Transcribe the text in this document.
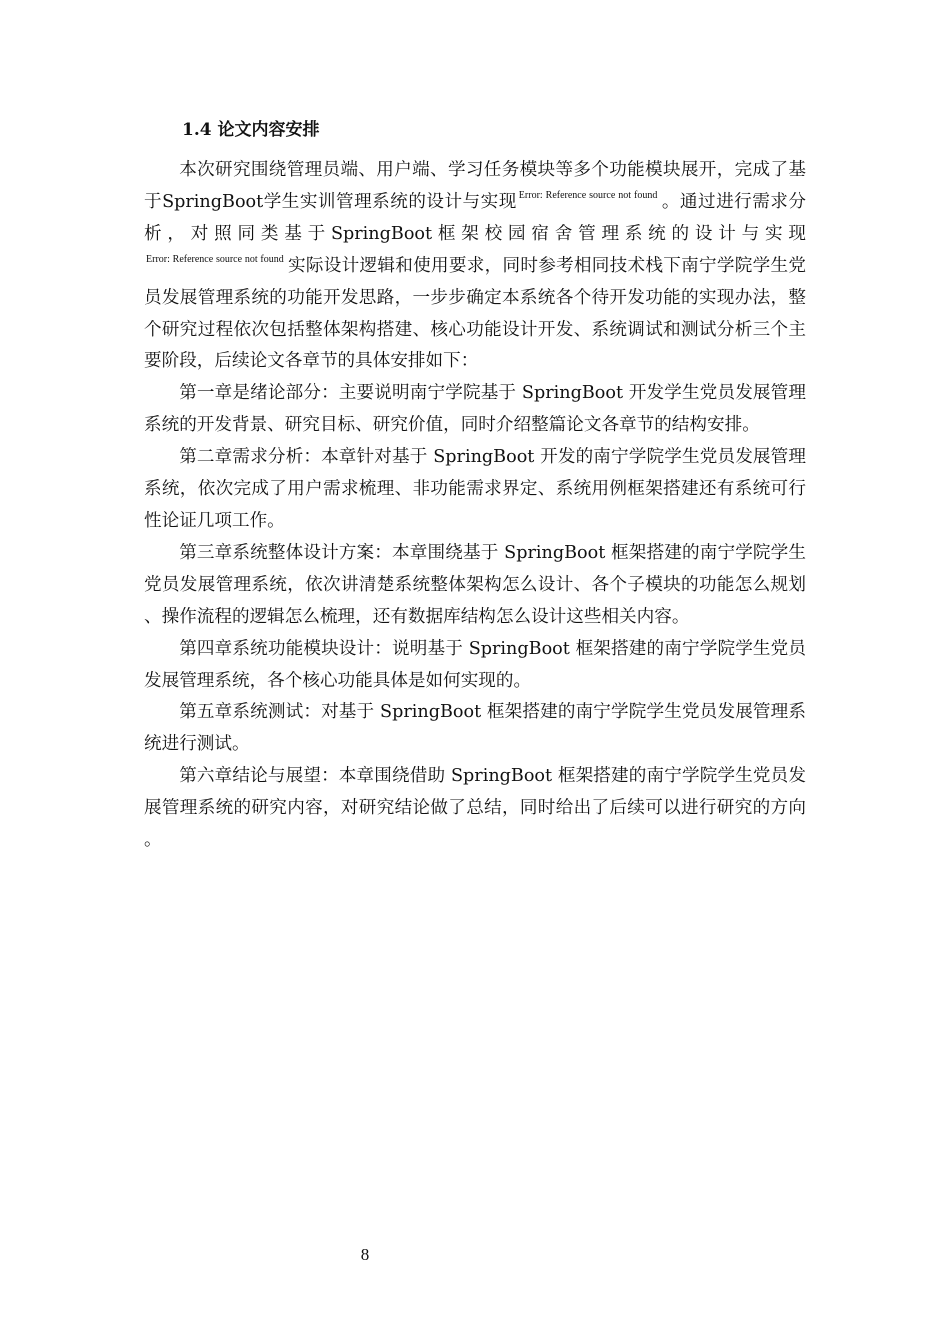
1.4 论文内容安排

本次研究围绕管理员端、用户端、学习任务模块等多个功能模块展开，完成了基于SpringBoot学生实训管理系统的设计与实现 $^{Error: Reference source not found}$ 。通过进行需求分析，对照同类基于SpringBoot框架校园宿舍管理系统的设计与实现$^{Error: Reference source not found}$ 实际设计逻辑和使用要求，同时参考相同技术栈下南宁学院学生党员发展管理系统的功能开发思路，一步步确定本系统各个待开发功能的实现办法，整个研究过程依次包括整体架构搭建、核心功能设计开发、系统调试和测试分析三个主要阶段，后续论文各章节的具体安排如下：

第一章是绪论部分：主要说明南宁学院基于 SpringBoot 开发学生党员发展管理系统的开发背景、研究目标、研究价值，同时介绍整篇论文各章节的结构安排。

第二章需求分析：本章针对基于 SpringBoot 开发的南宁学院学生党员发展管理系统，依次完成了用户需求梳理、非功能需求界定、系统用例框架搭建还有系统可行性论证几项工作。

第三章系统整体设计方案：本章围绕基于 SpringBoot 框架搭建的南宁学院学生党员发展管理系统，依次讲清楚系统整体架构怎么设计、各个子模块的功能怎么规划、操作流程的逻辑怎么梳理，还有数据库结构怎么设计这些相关内容。

第四章系统功能模块设计：说明基于 SpringBoot 框架搭建的南宁学院学生党员发展管理系统，各个核心功能具体是如何实现的。

第五章系统测试：对基于 SpringBoot 框架搭建的南宁学院学生党员发展管理系统进行测试。

第六章结论与展望：本章围绕借助 SpringBoot 框架搭建的南宁学院学生党员发展管理系统的研究内容，对研究结论做了总结，同时给出了后续可以进行研究的方向。

8
